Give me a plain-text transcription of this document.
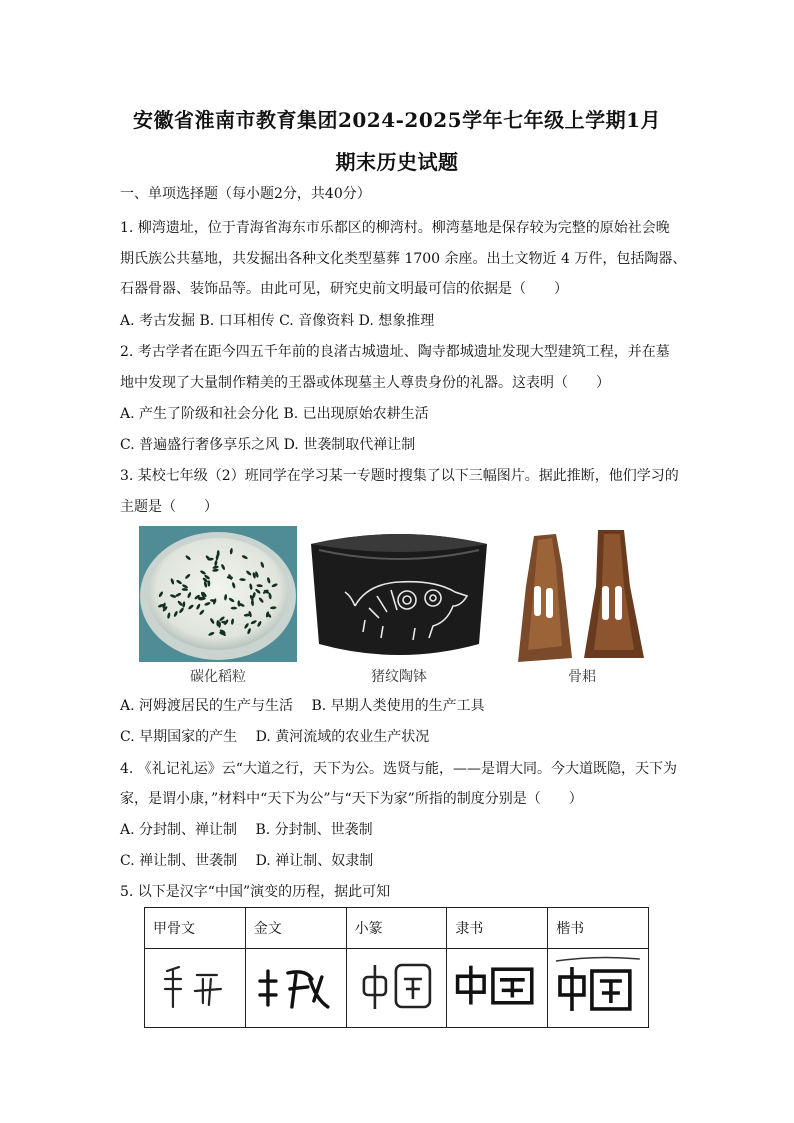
安徽省淮南市教育集团2024-2025学年七年级上学期1月
期末历史试题
一、单项选择题（每小题2分，共40分）
1. 柳湾遗址，位于青海省海东市乐都区的柳湾村。柳湾墓地是保存较为完整的原始社会晚
期氏族公共墓地，共发掘出各种文化类型墓葬 1700 余座。出土文物近 4 万件，包括陶器、
石器骨器、装饰品等。由此可见，研究史前文明最可信的依据是（　　）
A. 考古发掘 B. 口耳相传 C. 音像资料 D. 想象推理
2. 考古学者在距今四五千年前的良渚古城遗址、陶寺都城遗址发现大型建筑工程，并在墓
地中发现了大量制作精美的王器或体现墓主人尊贵身份的礼器。这表明（　　）
A. 产生了阶级和社会分化 B. 已出现原始农耕生活
C. 普遍盛行奢侈享乐之风 D. 世袭制取代禅让制
3. 某校七年级（2）班同学在学习某一专题时搜集了以下三幅图片。据此推断，他们学习的
主题是（　　）
碳化稻粒	猪纹陶钵	骨耜
A. 河姆渡居民的生产与生活　 B. 早期人类使用的生产工具
C. 早期国家的产生　 D. 黄河流域的农业生产状况
4. 《礼记礼运》云“大道之行，天下为公。选贤与能，——是谓大同。今大道既隐，天下为
家，是谓小康，”材料中“天下为公”与“天下为家”所指的制度分别是（　　）
A. 分封制、禅让制　 B. 分封制、世袭制
C. 禅让制、世袭制　 D. 禅让制、奴隶制
5. 以下是汉字“中国”演变的历程，据此可知
甲骨文	金文	小篆	隶书	楷书
